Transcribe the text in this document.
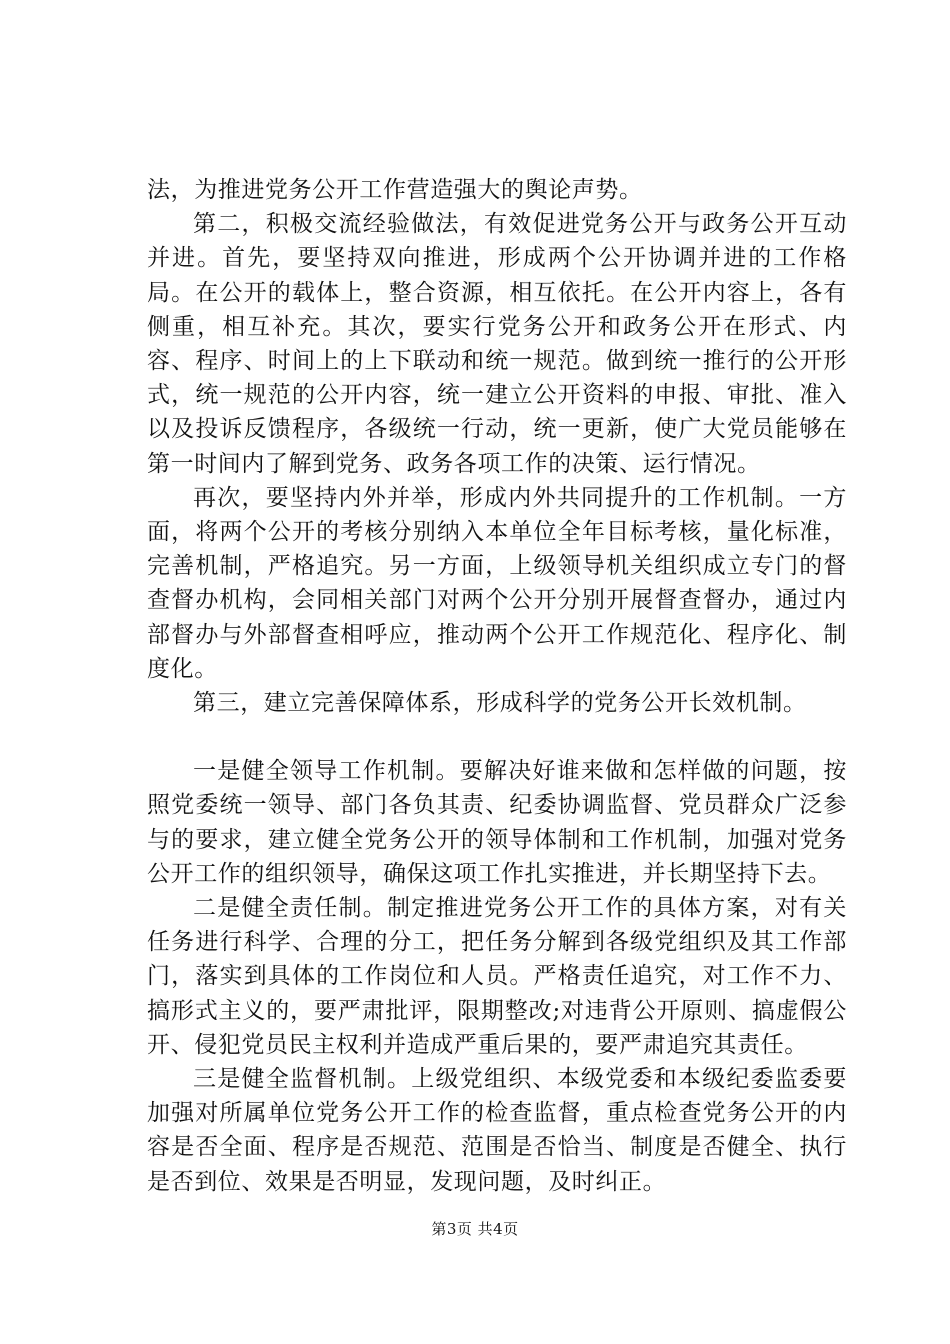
法，为推进党务公开工作营造强大的舆论声势。

第二，积极交流经验做法，有效促进党务公开与政务公开互动并进。首先，要坚持双向推进，形成两个公开协调并进的工作格局。在公开的载体上，整合资源，相互依托。在公开内容上，各有侧重，相互补充。其次，要实行党务公开和政务公开在形式、内容、程序、时间上的上下联动和统一规范。做到统一推行的公开形式，统一规范的公开内容，统一建立公开资料的申报、审批、准入以及投诉反馈程序，各级统一行动，统一更新，使广大党员能够在第一时间内了解到党务、政务各项工作的决策、运行情况。

再次，要坚持内外并举，形成内外共同提升的工作机制。一方面，将两个公开的考核分别纳入本单位全年目标考核，量化标准，完善机制，严格追究。另一方面，上级领导机关组织成立专门的督查督办机构，会同相关部门对两个公开分别开展督查督办，通过内部督办与外部督查相呼应，推动两个公开工作规范化、程序化、制度化。

第三，建立完善保障体系，形成科学的党务公开长效机制。

一是健全领导工作机制。要解决好谁来做和怎样做的问题，按照党委统一领导、部门各负其责、纪委协调监督、党员群众广泛参与的要求，建立健全党务公开的领导体制和工作机制，加强对党务公开工作的组织领导，确保这项工作扎实推进，并长期坚持下去。

二是健全责任制。制定推进党务公开工作的具体方案，对有关任务进行科学、合理的分工，把任务分解到各级党组织及其工作部门，落实到具体的工作岗位和人员。严格责任追究，对工作不力、搞形式主义的，要严肃批评，限期整改;对违背公开原则、搞虚假公开、侵犯党员民主权利并造成严重后果的，要严肃追究其责任。

三是健全监督机制。上级党组织、本级党委和本级纪委监委要加强对所属单位党务公开工作的检查监督，重点检查党务公开的内容是否全面、程序是否规范、范围是否恰当、制度是否健全、执行是否到位、效果是否明显，发现问题，及时纠正。

第3页 共4页
